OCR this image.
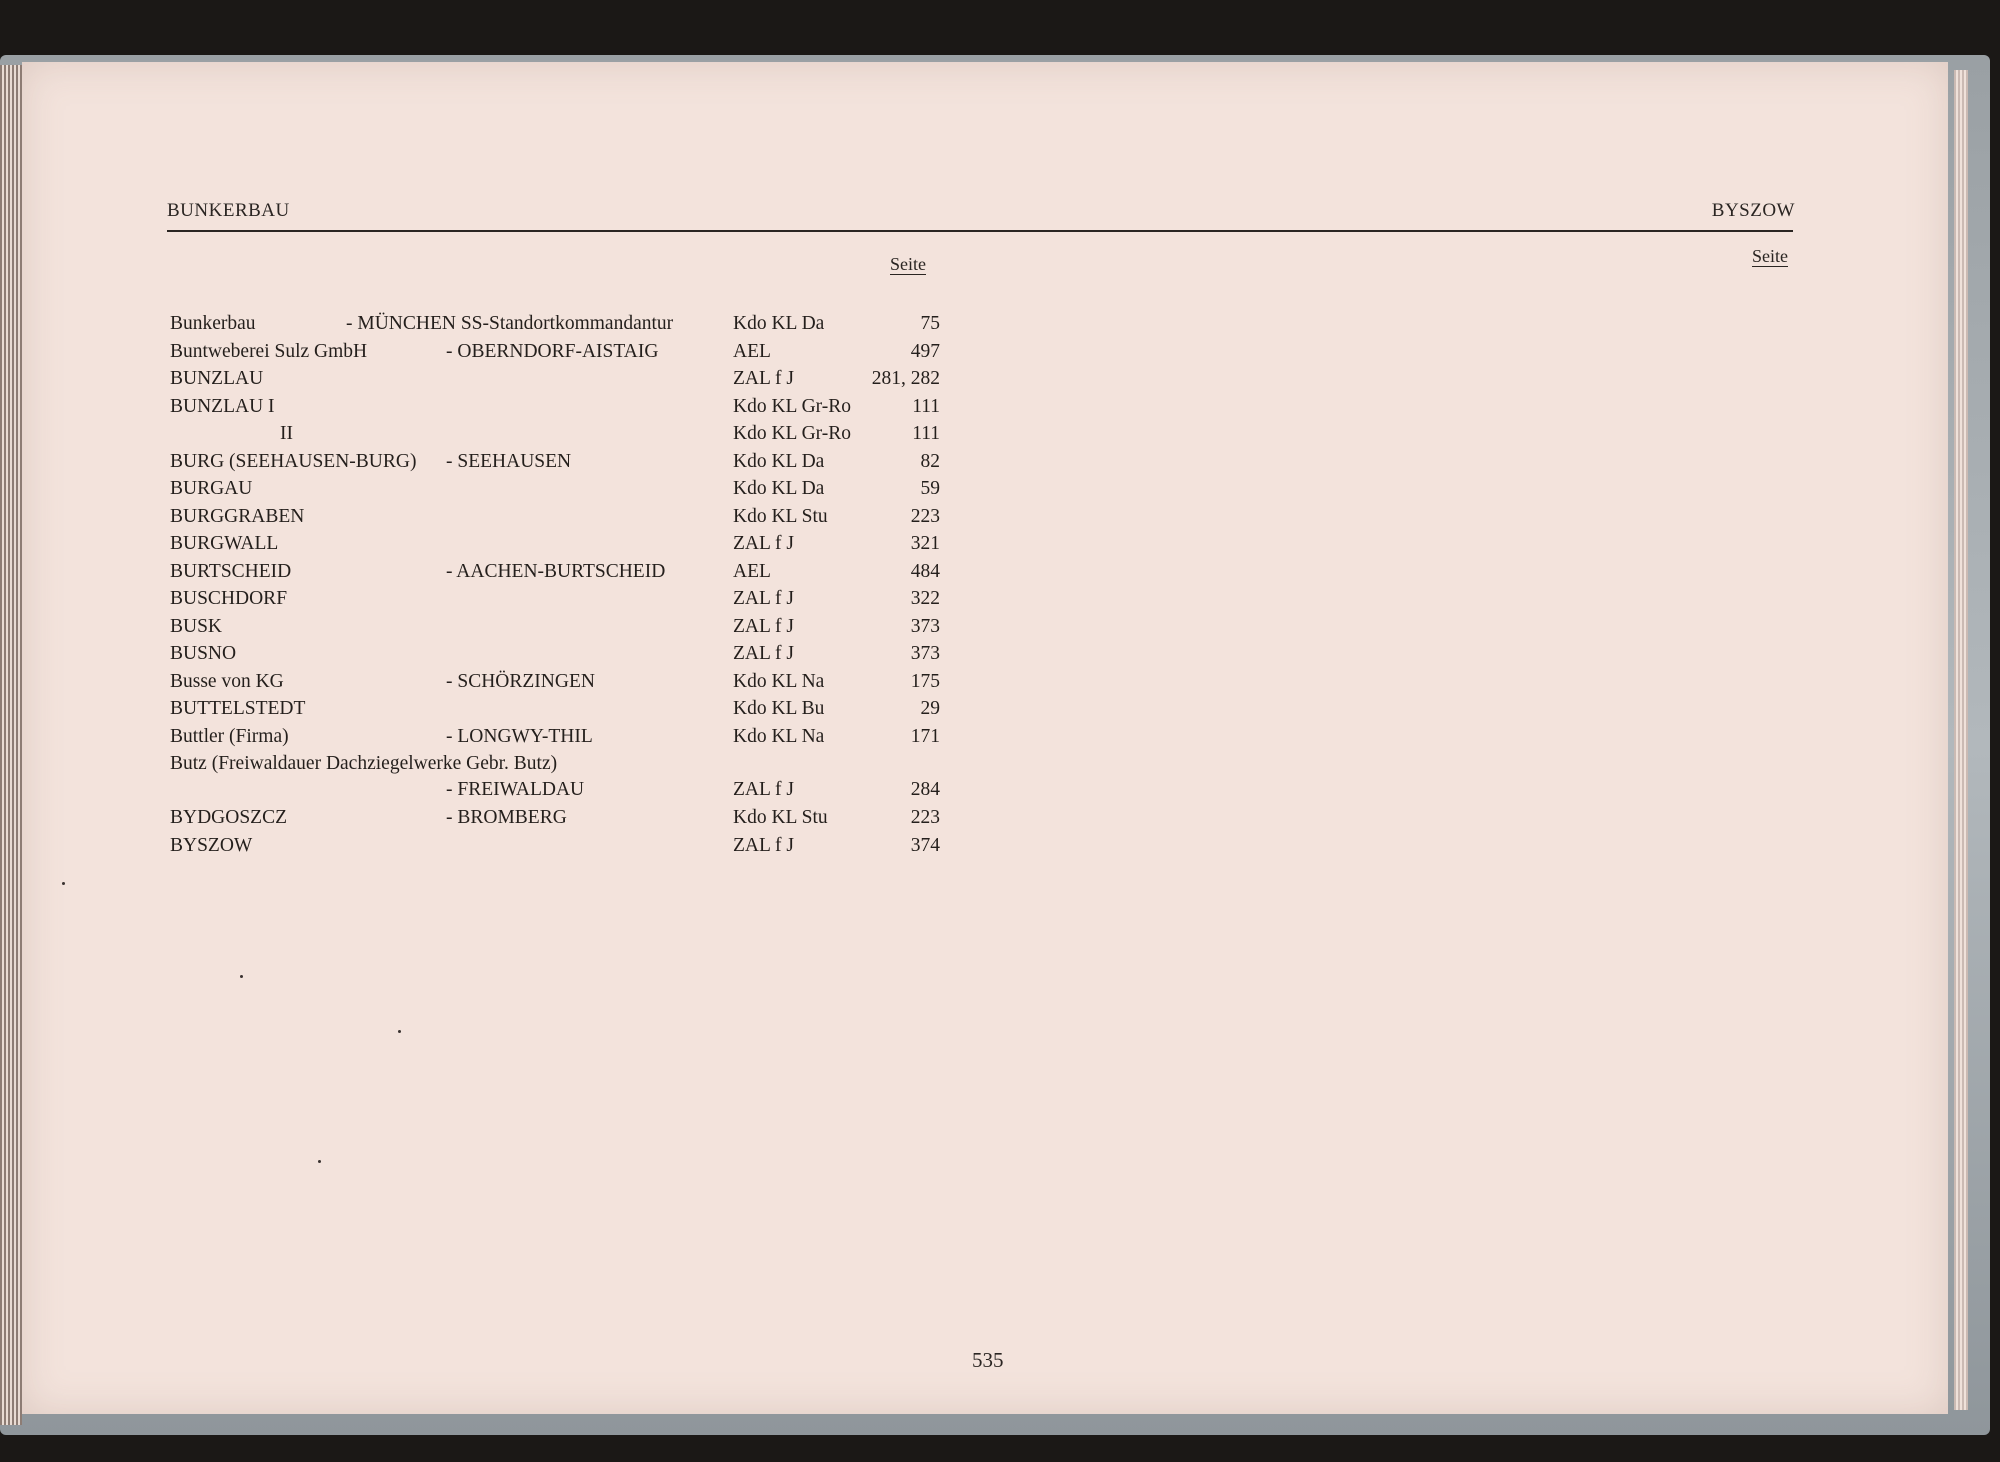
BUNKERBAU	BYSZOW
Seite	Seite
Bunkerbau	- MÜNCHEN SS-Standortkommandantur	Kdo KL Da	75
Buntweberei Sulz GmbH	- OBERNDORF-AISTAIG	AEL	497
BUNZLAU	ZAL f J	281, 282
BUNZLAU I	Kdo KL Gr-Ro	111
II	Kdo KL Gr-Ro	111
BURG (SEEHAUSEN-BURG) - SEEHAUSEN	Kdo KL Da	82
BURGAU	Kdo KL Da	59
BURGGRABEN	Kdo KL Stu	223
BURGWALL	ZAL f J	321
BURTSCHEID	- AACHEN-BURTSCHEID	AEL	484
BUSCHDORF	ZAL f J	322
BUSK	ZAL f J	373
BUSNO	ZAL f J	373
Busse von KG	- SCHÖRZINGEN	Kdo KL Na	175
BUTTELSTEDT	Kdo KL Bu	29
Buttler (Firma)	- LONGWY-THIL	Kdo KL Na	171
Butz (Freiwaldauer Dachziegelwerke Gebr. Butz)
- FREIWALDAU	ZAL f J	284
BYDGOSZCZ	- BROMBERG	Kdo KL Stu	223
BYSZOW	ZAL f J	374
535
